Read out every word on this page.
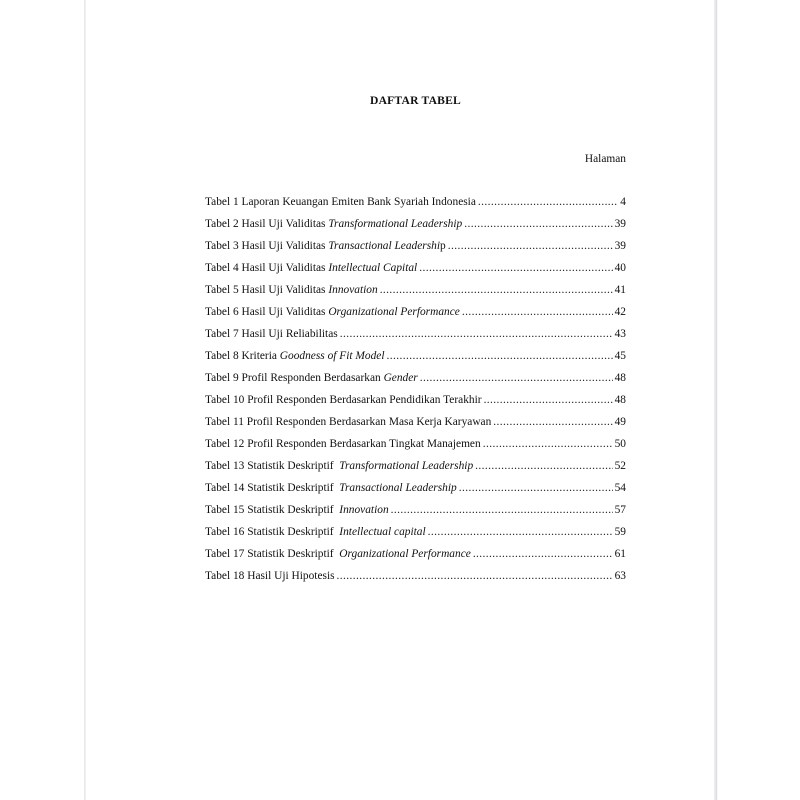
DAFTAR TABEL
Halaman
Tabel 1 Laporan Keuangan Emiten Bank Syariah Indonesia .....	4
Tabel 2 Hasil Uji Validitas Transformational Leadership .....	39
Tabel 3 Hasil Uji Validitas Transactional Leadership .....	39
Tabel 4 Hasil Uji Validitas Intellectual Capital .....	40
Tabel 5 Hasil Uji Validitas Innovation .....	41
Tabel 6 Hasil Uji Validitas Organizational Performance .....	42
Tabel 7 Hasil Uji Reliabilitas .....	43
Tabel 8 Kriteria Goodness of Fit Model .....	45
Tabel 9 Profil Responden Berdasarkan Gender .....	48
Tabel 10 Profil Responden Berdasarkan Pendidikan Terakhir .....	48
Tabel 11 Profil Responden Berdasarkan Masa Kerja Karyawan .....	49
Tabel 12 Profil Responden Berdasarkan Tingkat Manajemen .....	50
Tabel 13 Statistik Deskriptif  Transformational Leadership .....	52
Tabel 14 Statistik Deskriptif  Transactional Leadership .....	54
Tabel 15 Statistik Deskriptif  Innovation .....	57
Tabel 16 Statistik Deskriptif  Intellectual capital .....	59
Tabel 17 Statistik Deskriptif  Organizational Performance .....	61
Tabel 18 Hasil Uji Hipotesis .....	63
